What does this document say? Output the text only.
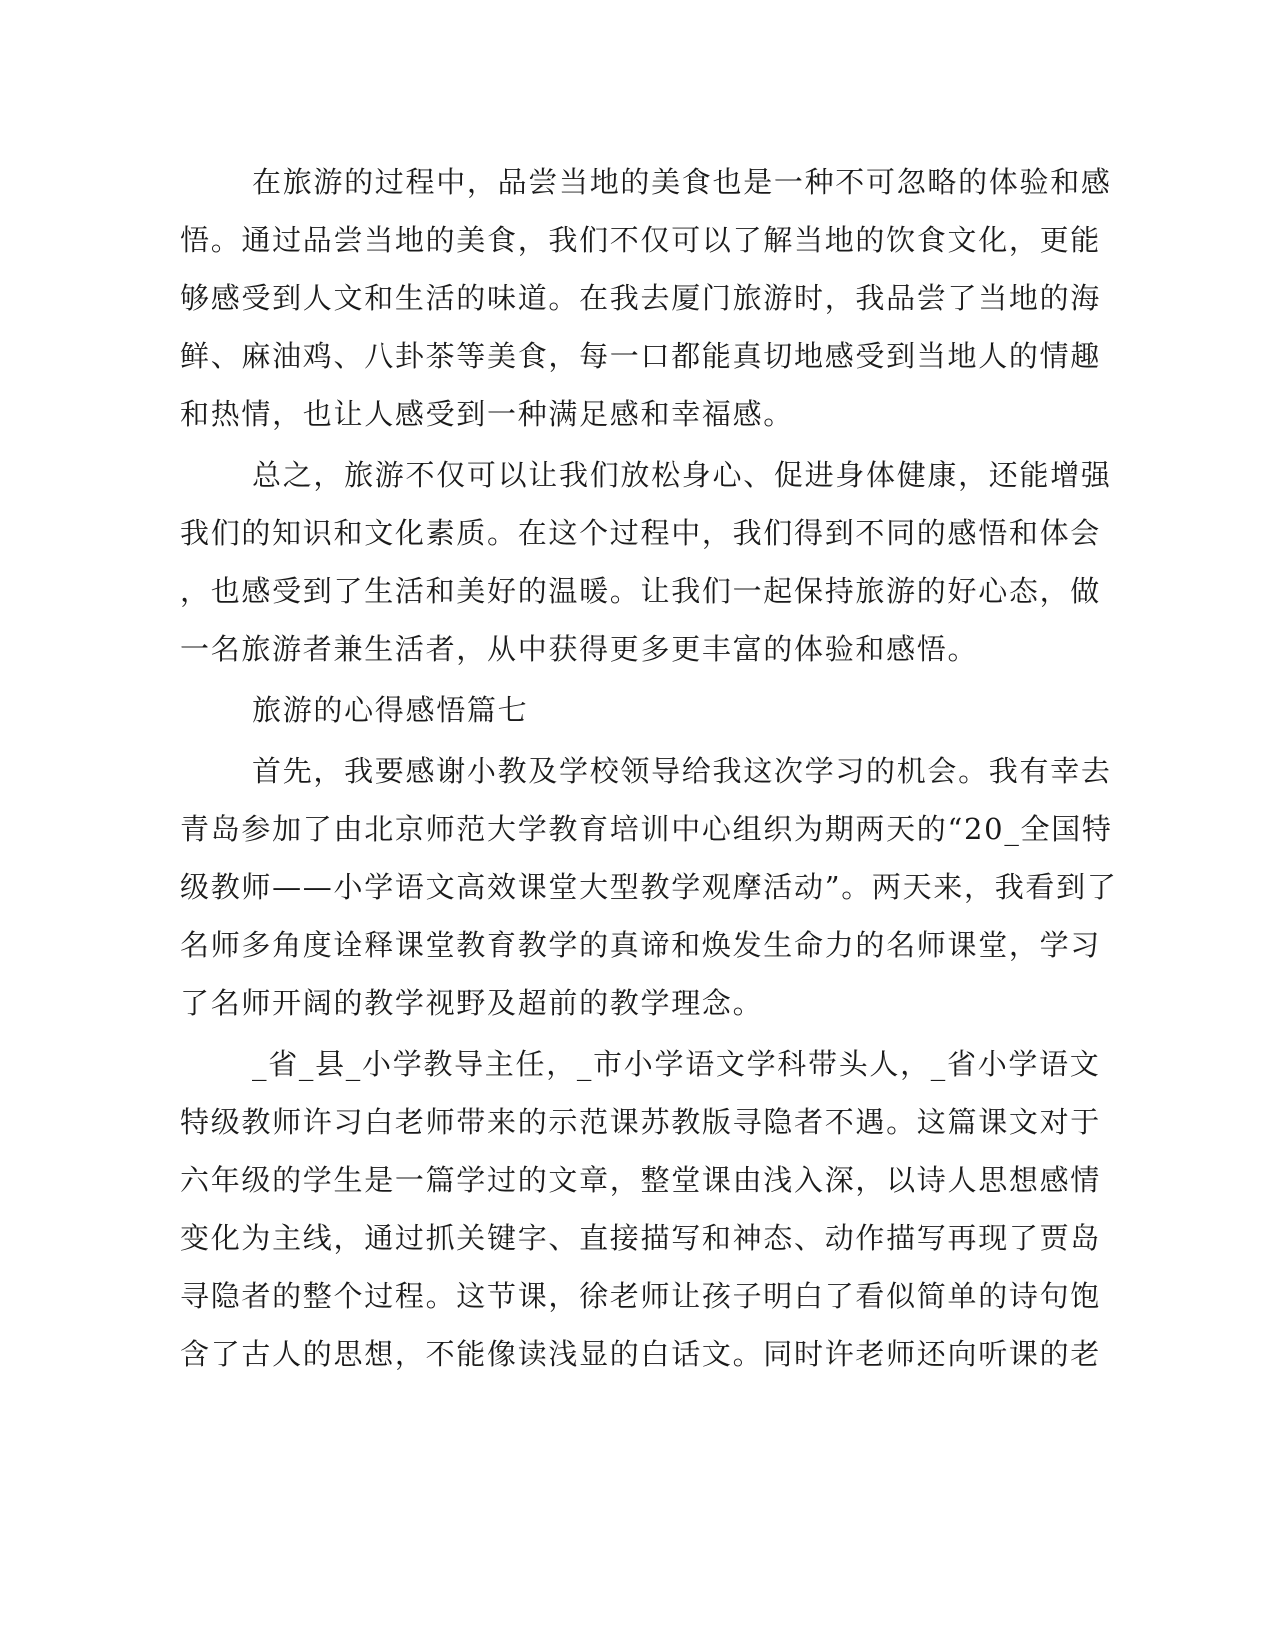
在旅游的过程中，品尝当地的美食也是一种不可忽略的体验和感
悟。通过品尝当地的美食，我们不仅可以了解当地的饮食文化，更能
够感受到人文和生活的味道。在我去厦门旅游时，我品尝了当地的海
鲜、麻油鸡、八卦茶等美食，每一口都能真切地感受到当地人的情趣
和热情，也让人感受到一种满足感和幸福感。
总之，旅游不仅可以让我们放松身心、促进身体健康，还能增强
我们的知识和文化素质。在这个过程中，我们得到不同的感悟和体会
，也感受到了生活和美好的温暖。让我们一起保持旅游的好心态，做
一名旅游者兼生活者，从中获得更多更丰富的体验和感悟。
旅游的心得感悟篇七
首先，我要感谢小教及学校领导给我这次学习的机会。我有幸去
青岛参加了由北京师范大学教育培训中心组织为期两天的“20_全国特
级教师——小学语文高效课堂大型教学观摩活动”。两天来，我看到了
名师多角度诠释课堂教育教学的真谛和焕发生命力的名师课堂，学习
了名师开阔的教学视野及超前的教学理念。
_省_县_小学教导主任，_市小学语文学科带头人，_省小学语文
特级教师许习白老师带来的示范课苏教版寻隐者不遇。这篇课文对于
六年级的学生是一篇学过的文章，整堂课由浅入深，以诗人思想感情
变化为主线，通过抓关键字、直接描写和神态、动作描写再现了贾岛
寻隐者的整个过程。这节课，徐老师让孩子明白了看似简单的诗句饱
含了古人的思想，不能像读浅显的白话文。同时许老师还向听课的老
